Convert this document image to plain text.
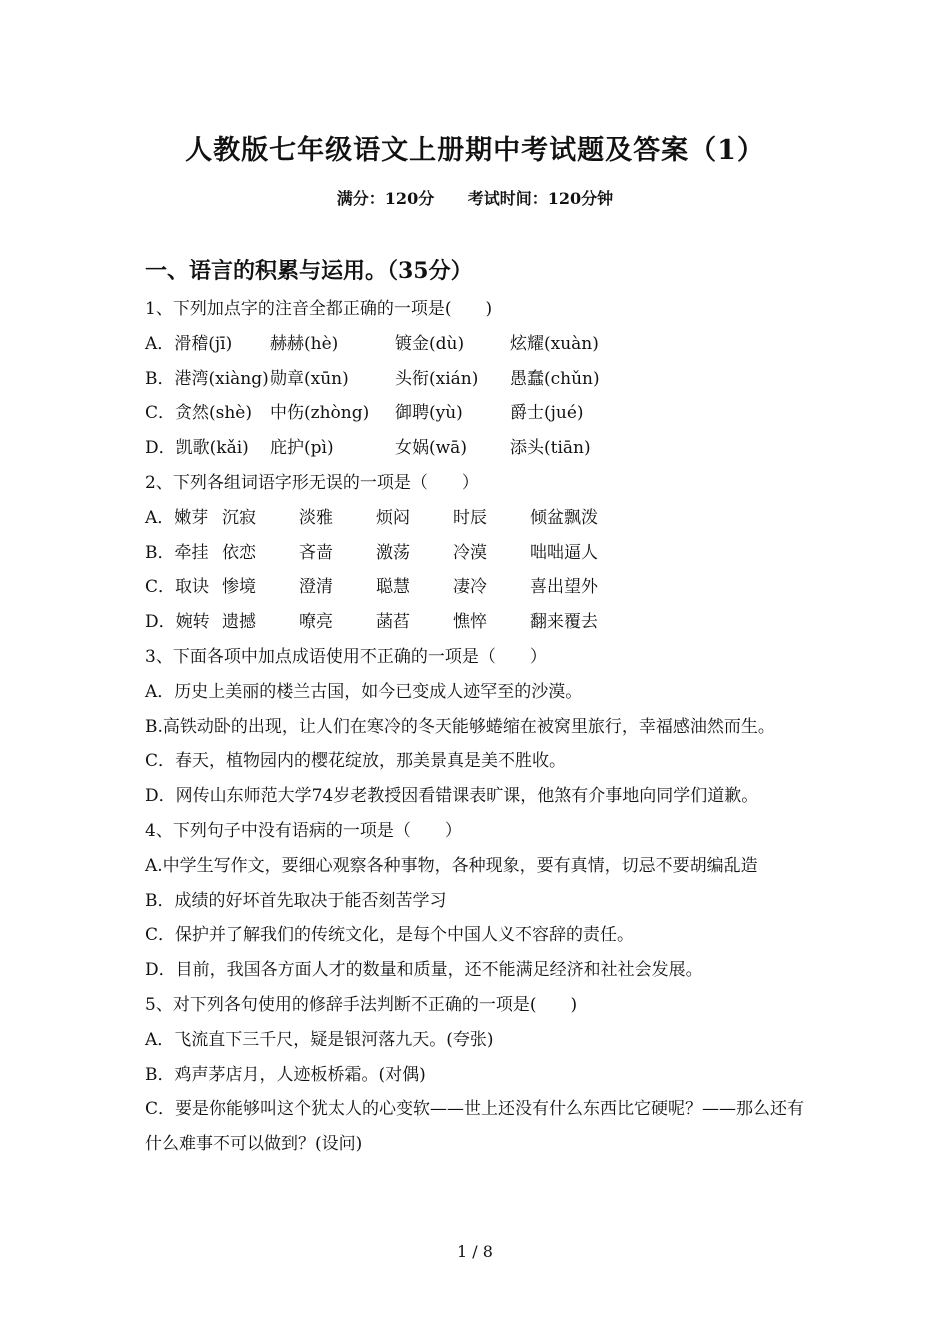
人教版七年级语文上册期中考试题及答案（1）
满分：120分 考试时间：120分钟
一、语言的积累与运用。（35分）
1、下列加点字的注音全都正确的一项是(　　)
A．滑稽(jī)	赫赫(hè)	镀金(dù)	炫耀(xuàn)
B．港湾(xiàng) 勋章(xūn)	头衔(xián)	愚蠢(chǔn)
C．贪然(shè)	中伤(zhòng)	御聘(yù)	爵士(jué)
D．凯歌(kǎi)	庇护(pì)	女娲(wā)	添头(tiān)
2、下列各组词语字形无误的一项是（　　）
A．嫩芽 沉寂	淡雅	烦闷	时辰	倾盆飘泼
B．牵挂 依恋	吝啬	激荡	冷漠	咄咄逼人
C．取诀 惨境	澄清	聪慧	凄冷	喜出望外
D．婉转 遗撼	嘹亮	菡萏	憔悴	翻来覆去
3、下面各项中加点成语使用不正确的一项是（　　）
A．历史上美丽的楼兰古国，如今已变成人迹罕至的沙漠。
B.高铁动卧的出现，让人们在寒冷的冬天能够蜷缩在被窝里旅行，幸福感油然而生。
C．春天，植物园内的樱花绽放，那美景真是美不胜收。
D．网传山东师范大学74岁老教授因看错课表旷课，他煞有介事地向同学们道歉。
4、下列句子中没有语病的一项是（　　）
A.中学生写作文，要细心观察各种事物，各种现象，要有真情，切忌不要胡编乱造
B．成绩的好坏首先取决于能否刻苦学习
C．保护并了解我们的传统文化，是每个中国人义不容辞的责任。
D．目前，我国各方面人才的数量和质量，还不能满足经济和社社会发展。
5、对下列各句使用的修辞手法判断不正确的一项是(　　)
A．飞流直下三千尺，疑是银河落九天。(夸张)
B．鸡声茅店月，人迹板桥霜。(对偶)
C．要是你能够叫这个犹太人的心变软——世上还没有什么东西比它硬呢？——那么还有什么难事不可以做到？(设问)
1 / 8
